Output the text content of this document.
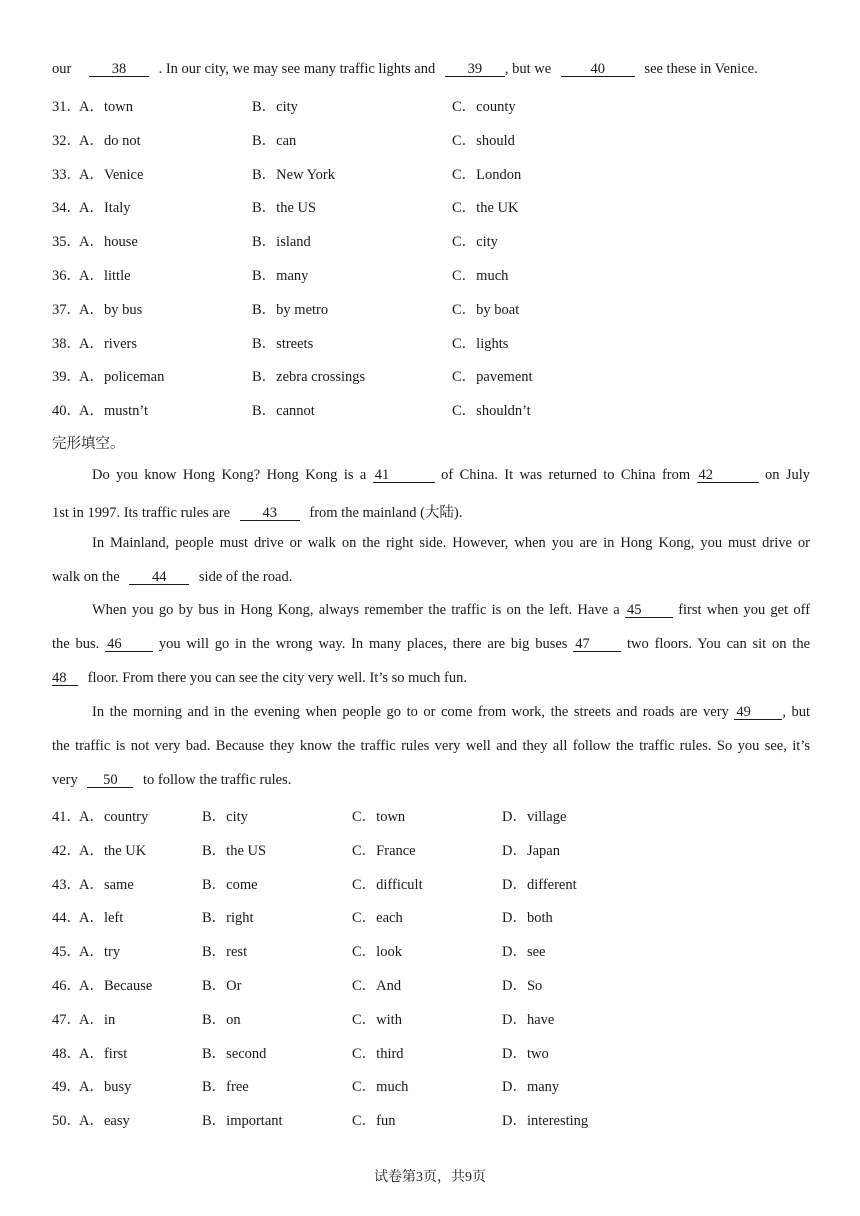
our	38 . In our city, we may see many traffic lights and 39 , but we	40	see these in Venice.
31．
A．town	B．city	C．county
32．
A．do not	B．can	C．should
33．
A．Venice	B．New York	C．London
34．
A．Italy	B．the US	C．the UK
35．
A．house	B．island	C．city
36．
A．little	B．many	C．much
37．
A．by bus	B．by metro	C．by boat
38．
A．rivers	B．streets	C．lights
39．
A．policeman	B．zebra crossings	C．pavement
40．
A．mustn’t	B．cannot	C．shouldn’t
完形填空。
Do you know Hong Kong? Hong Kong is a 41	of China. It was returned to China from 42	on July
1st in 1997. Its traffic rules are 43 from the mainland (大陆).
In Mainland, people must drive or walk on the right side. However, when you are in Hong Kong, you must drive or
walk on the 44 side of the road.
When you go by bus in Hong Kong, always remember the traffic is on the left. Have a 45	first when you get off
the bus. 46	you will go in the wrong way. In many places, there are big buses 47	two floors. You can sit on the
48 floor. From there you can see the city very well. It’s so much fun.
In the morning and in the evening when people go to or come from work, the streets and roads are very 49 , but
the traffic is not very bad. Because they know the traffic rules very well and they all follow the traffic rules. So you see, it’s
very 50 to follow the traffic rules.
41．
A．country	B．city	C．town	D．village
42．
A．the UK	B．the US	C．France	D．Japan
43．
A．same	B．come	C．difficult	D．different
44．
A．left	B．right	C．each	D．both
45．
A．try	B．rest	C．look	D．see
46．
A．Because	B．Or	C．And	D．So
47．
A．in	B．on	C．with	D．have
48．
A．first	B．second	C．third	D．two
49．
A．busy	B．free	C．much	D．many
50．
A．easy	B．important	C．fun	D．interesting
试卷第3页，共9页
